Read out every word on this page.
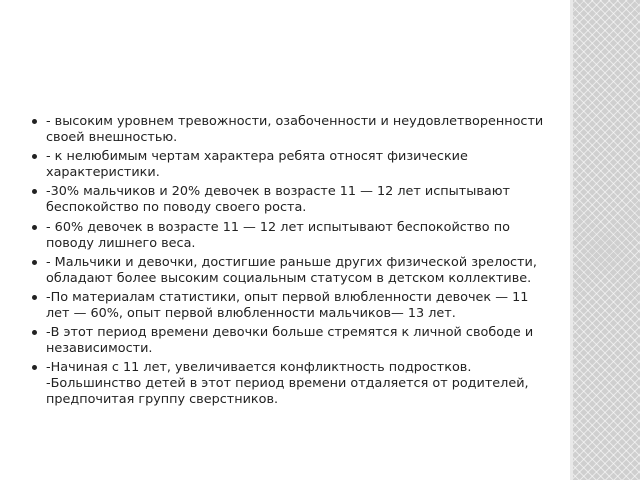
- высоким уровнем тревожности, озабоченности и неудовлетворенности своей внешностью.
- к нелюбимым чертам характера ребята относят физические характеристики.
-30% мальчиков и 20% девочек в возрасте 11 — 12 лет испытывают беспокойство по поводу своего роста.
- 60% девочек в возрасте 11 — 12 лет испытывают беспокойство по поводу лишнего веса.
- Мальчики и девочки, достигшие раньше других физической зрелости, обладают более высоким социальным статусом в детском коллективе.
-По материалам статистики, опыт первой влюбленности девочек — 11 лет — 60%, опыт первой влюбленности мальчиков— 13 лет.
-В этот период времени девочки больше стремятся к личной свободе и независимости.
-Начиная с 11 лет, увеличивается конфликтность подростков. -Большинство детей в этот период времени отдаляется от родителей, предпочитая группу сверстников.
